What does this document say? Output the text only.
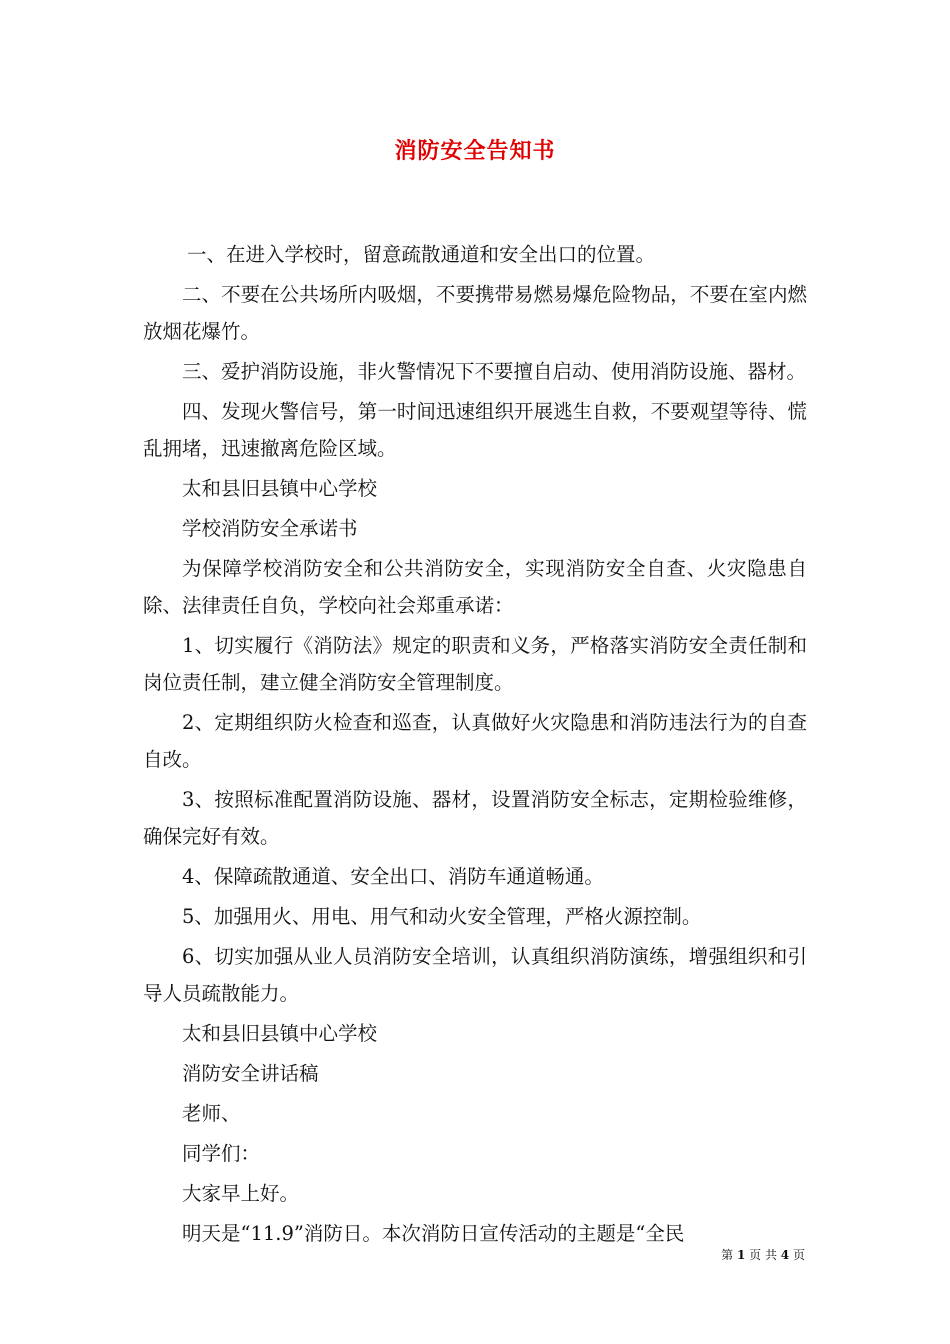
消防安全告知书

一、在进入学校时，留意疏散通道和安全出口的位置。

二、不要在公共场所内吸烟，不要携带易燃易爆危险物品，不要在室内燃放烟花爆竹。

三、爱护消防设施，非火警情况下不要擅自启动、使用消防设施、器材。

四、发现火警信号，第一时间迅速组织开展逃生自救，不要观望等待、慌乱拥堵，迅速撤离危险区域。

太和县旧县镇中心学校

学校消防安全承诺书

为保障学校消防安全和公共消防安全，实现消防安全自查、火灾隐患自除、法律责任自负，学校向社会郑重承诺：

1、切实履行《消防法》规定的职责和义务，严格落实消防安全责任制和岗位责任制，建立健全消防安全管理制度。

2、定期组织防火检查和巡查，认真做好火灾隐患和消防违法行为的自查自改。

3、按照标准配置消防设施、器材，设置消防安全标志，定期检验维修，确保完好有效。

4、保障疏散通道、安全出口、消防车通道畅通。

5、加强用火、用电、用气和动火安全管理，严格火源控制。

6、切实加强从业人员消防安全培训，认真组织消防演练，增强组织和引导人员疏散能力。

太和县旧县镇中心学校

消防安全讲话稿

老师、

同学们：

大家早上好。

明天是“11.9”消防日。本次消防日宣传活动的主题是“全民

第 1 页 共 4 页
